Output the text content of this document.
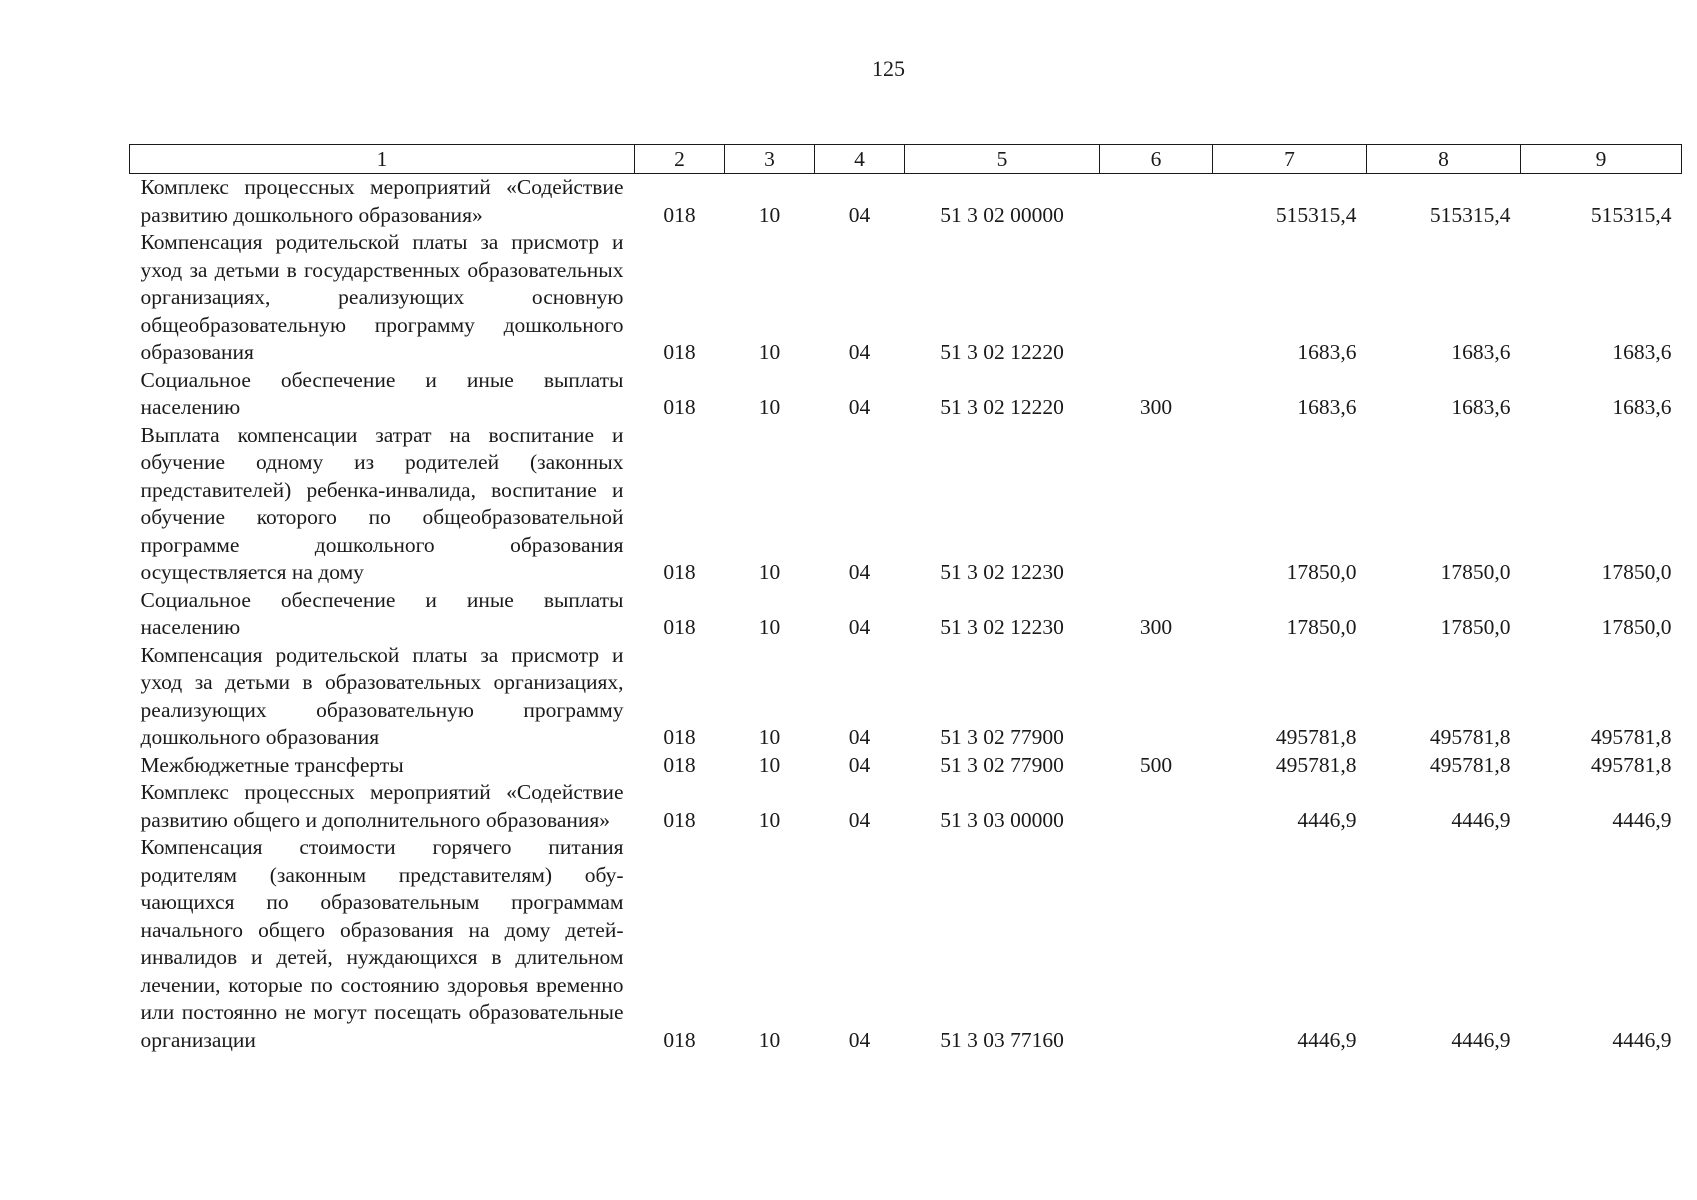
125
1	2	3	4	5	6	7	8	9
Комплекс процессных мероприятий «Содействие развитию дошкольного образования»	018	10	04	51 3 02 00000		515315,4	515315,4	515315,4
Компенсация родительской платы за присмотр и уход за детьми в государственных образовательных организациях, реализующих основную общеобразовательную программу дошкольного образования	018	10	04	51 3 02 12220		1683,6	1683,6	1683,6
Социальное обеспечение и иные выплаты населению	018	10	04	51 3 02 12220	300	1683,6	1683,6	1683,6
Выплата компенсации затрат на воспитание и обучение одному из родителей (законных представителей) ребенка-инвалида, воспитание и обучение которого по общеобразовательной программе дошкольного образования осуществляется на дому	018	10	04	51 3 02 12230		17850,0	17850,0	17850,0
Социальное обеспечение и иные выплаты населению	018	10	04	51 3 02 12230	300	17850,0	17850,0	17850,0
Компенсация родительской платы за присмотр и уход за детьми в образовательных организациях, реализующих образовательную программу дошкольного образования	018	10	04	51 3 02 77900		495781,8	495781,8	495781,8
Межбюджетные трансферты	018	10	04	51 3 02 77900	500	495781,8	495781,8	495781,8
Комплекс процессных мероприятий «Содействие развитию общего и дополнительного образования»	018	10	04	51 3 03 00000		4446,9	4446,9	4446,9
Компенсация стоимости горячего питания родителям (законным представителям) обучающихся по образовательным программам начального общего образования на дому детей-инвалидов и детей, нуждающихся в длительном лечении, которые по состоянию здоровья временно или постоянно не могут посещать образовательные организации	018	10	04	51 3 03 77160		4446,9	4446,9	4446,9
